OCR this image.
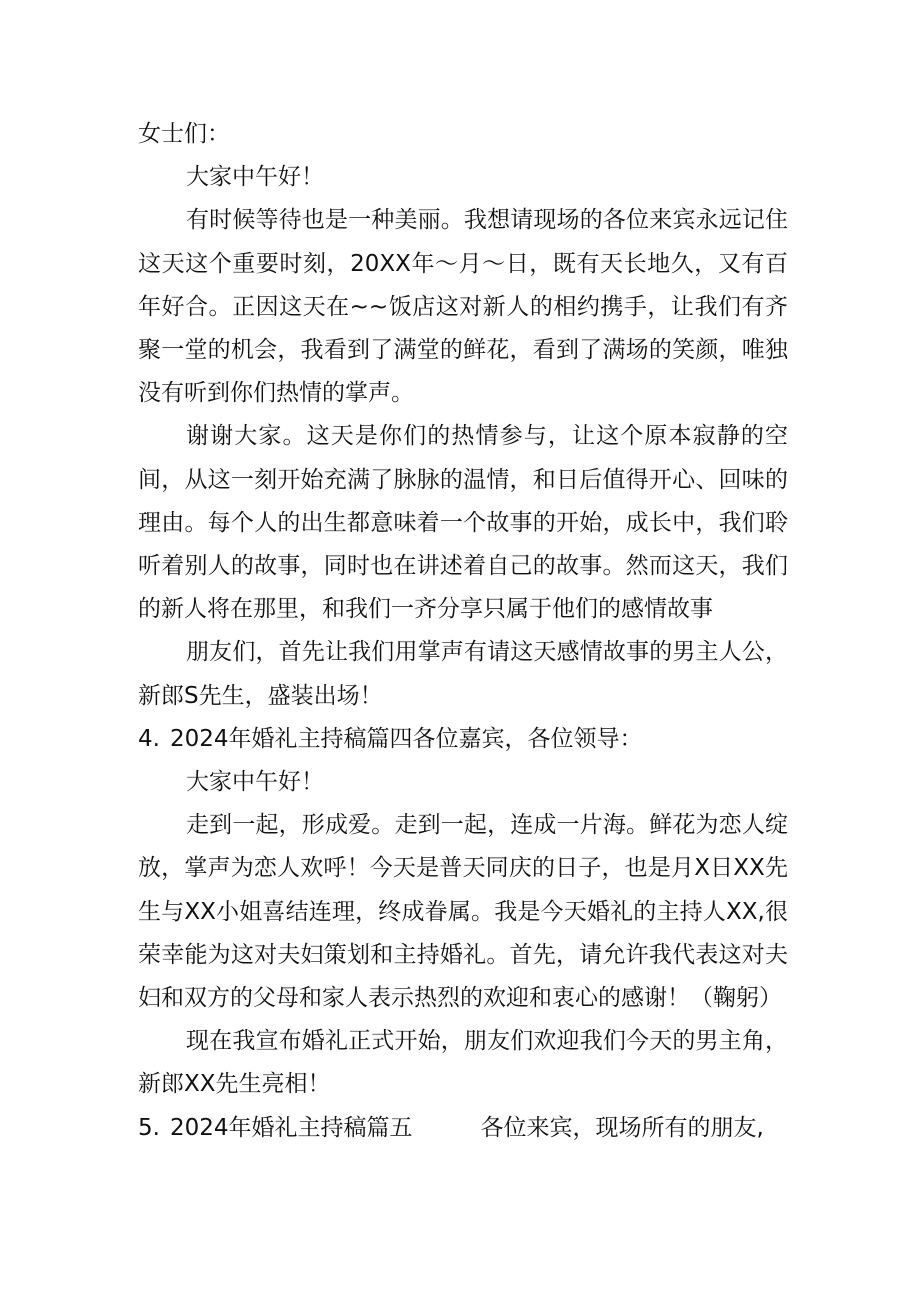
女士们：

大家中午好！

有时候等待也是一种美丽。我想请现场的各位来宾永远记住这天这个重要时刻，20XX年～月～日，既有天长地久，又有百年好合。正因这天在~~饭店这对新人的相约携手，让我们有齐聚一堂的机会，我看到了满堂的鲜花，看到了满场的笑颜，唯独没有听到你们热情的掌声。

谢谢大家。这天是你们的热情参与，让这个原本寂静的空间，从这一刻开始充满了脉脉的温情，和日后值得开心、回味的理由。每个人的出生都意味着一个故事的开始，成长中，我们聆听着别人的故事，同时也在讲述着自己的故事。然而这天，我们的新人将在那里，和我们一齐分享只属于他们的感情故事

朋友们，首先让我们用掌声有请这天感情故事的男主人公，新郎S先生，盛装出场！

4. 2024年婚礼主持稿篇四各位嘉宾，各位领导：

大家中午好！

走到一起，形成爱。走到一起，连成一片海。鲜花为恋人绽放，掌声为恋人欢呼！今天是普天同庆的日子，也是月X日XX先生与XX小姐喜结连理，终成眷属。我是今天婚礼的主持人XX,很荣幸能为这对夫妇策划和主持婚礼。首先，请允许我代表这对夫妇和双方的父母和家人表示热烈的欢迎和衷心的感谢！（鞠躬）

现在我宣布婚礼正式开始，朋友们欢迎我们今天的男主角，新郎XX先生亮相！

5. 2024年婚礼主持稿篇五	各位来宾，现场所有的朋友,
